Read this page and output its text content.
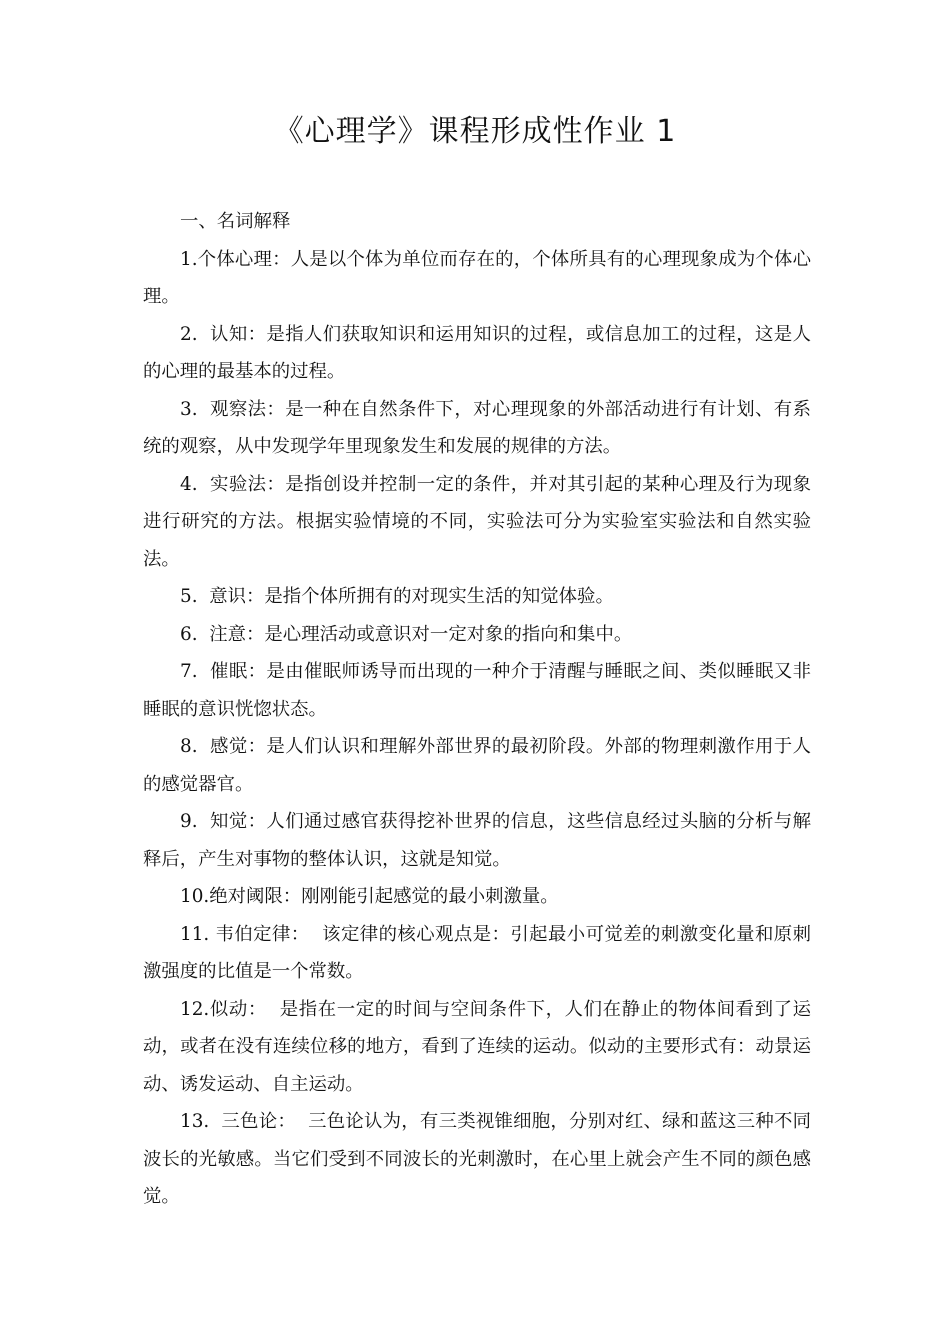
《心理学》课程形成性作业 1

一、名词解释

1.个体心理：人是以个体为单位而存在的，个体所具有的心理现象成为个体心理。

2.  认知：是指人们获取知识和运用知识的过程，或信息加工的过程，这是人的心理的最基本的过程。

3.  观察法：是一种在自然条件下，对心理现象的外部活动进行有计划、有系统的观察，从中发现学年里现象发生和发展的规律的方法。

4.  实验法：是指创设并控制一定的条件，并对其引起的某种心理及行为现象进行研究的方法。根据实验情境的不同，实验法可分为实验室实验法和自然实验法。

5.  意识：是指个体所拥有的对现实生活的知觉体验。

6.  注意：是心理活动或意识对一定对象的指向和集中。

7.  催眠：是由催眠师诱导而出现的一种介于清醒与睡眠之间、类似睡眠又非睡眠的意识恍惚状态。

8.  感觉：是人们认识和理解外部世界的最初阶段。外部的物理刺激作用于人的感觉器官。

9.  知觉：人们通过感官获得挖补世界的信息，这些信息经过头脑的分析与解释后，产生对事物的整体认识，这就是知觉。

10.绝对阈限：刚刚能引起感觉的最小刺激量。

11. 韦伯定律：  该定律的核心观点是：引起最小可觉差的刺激变化量和原刺激强度的比值是一个常数。

12.似动：  是指在一定的时间与空间条件下，人们在静止的物体间看到了运动，或者在没有连续位移的地方，看到了连续的运动。似动的主要形式有：动景运动、诱发运动、自主运动。

13.  三色论：  三色论认为，有三类视锥细胞，分别对红、绿和蓝这三种不同波长的光敏感。当它们受到不同波长的光刺激时，在心里上就会产生不同的颜色感觉。
